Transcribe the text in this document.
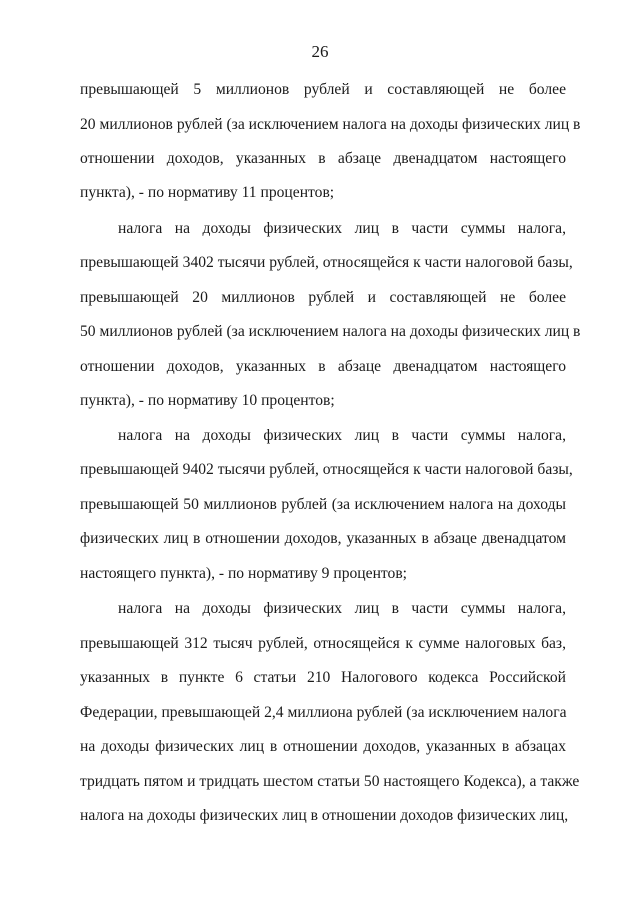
26
превышающей 5 миллионов рублей и составляющей не более
20 миллионов рублей (за исключением налога на доходы физических лиц в
отношении доходов, указанных в абзаце двенадцатом настоящего
пункта), - по нормативу 11 процентов;
налога на доходы физических лиц в части суммы налога,
превышающей 3402 тысячи рублей, относящейся к части налоговой базы,
превышающей 20 миллионов рублей и составляющей не более
50 миллионов рублей (за исключением налога на доходы физических лиц в
отношении доходов, указанных в абзаце двенадцатом настоящего
пункта), - по нормативу 10 процентов;
налога на доходы физических лиц в части суммы налога,
превышающей 9402 тысячи рублей, относящейся к части налоговой базы,
превышающей 50 миллионов рублей (за исключением налога на доходы
физических лиц в отношении доходов, указанных в абзаце двенадцатом
настоящего пункта), - по нормативу 9 процентов;
налога на доходы физических лиц в части суммы налога,
превышающей 312 тысяч рублей, относящейся к сумме налоговых баз,
указанных в пункте 6 статьи 210 Налогового кодекса Российской
Федерации, превышающей 2,4 миллиона рублей (за исключением налога
на доходы физических лиц в отношении доходов, указанных в абзацах
тридцать пятом и тридцать шестом статьи 50 настоящего Кодекса), а также
налога на доходы физических лиц в отношении доходов физических лиц,
